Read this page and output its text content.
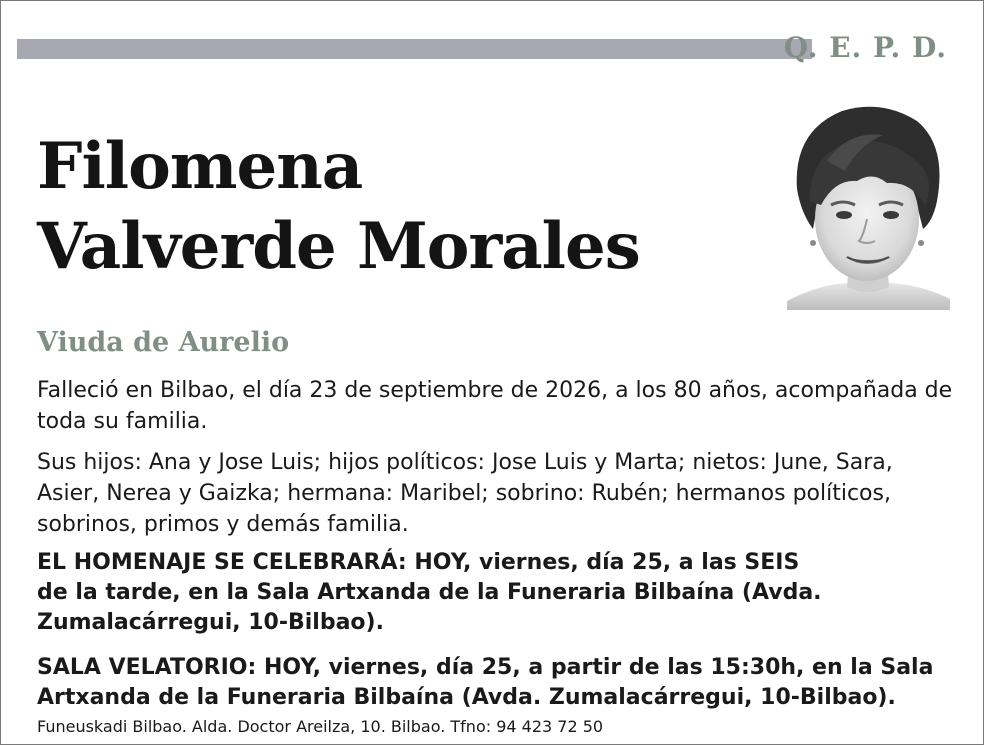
Q. E. P. D.
Filomena
Valverde Morales
Viuda de Aurelio

Falleció en Bilbao, el día 23 de septiembre de 2026, a los 80 años, acompañada de toda su familia.

Sus hijos: Ana y Jose Luis; hijos políticos: Jose Luis y Marta; nietos: June, Sara, Asier, Nerea y Gaizka; hermana: Maribel; sobrino: Rubén; hermanos políticos, sobrinos, primos y demás familia.

EL HOMENAJE SE CELEBRARÁ: HOY, viernes, día 25, a las SEIS
de la tarde, en la Sala Artxanda de la Funeraria Bilbaína (Avda.
Zumalacárregui, 10-Bilbao).

SALA VELATORIO: HOY, viernes, día 25, a partir de las 15:30h, en la Sala
Artxanda de la Funeraria Bilbaína (Avda. Zumalacárregui, 10-Bilbao).

Funeuskadi Bilbao. Alda. Doctor Areilza, 10. Bilbao. Tfno: 94 423 72 50
